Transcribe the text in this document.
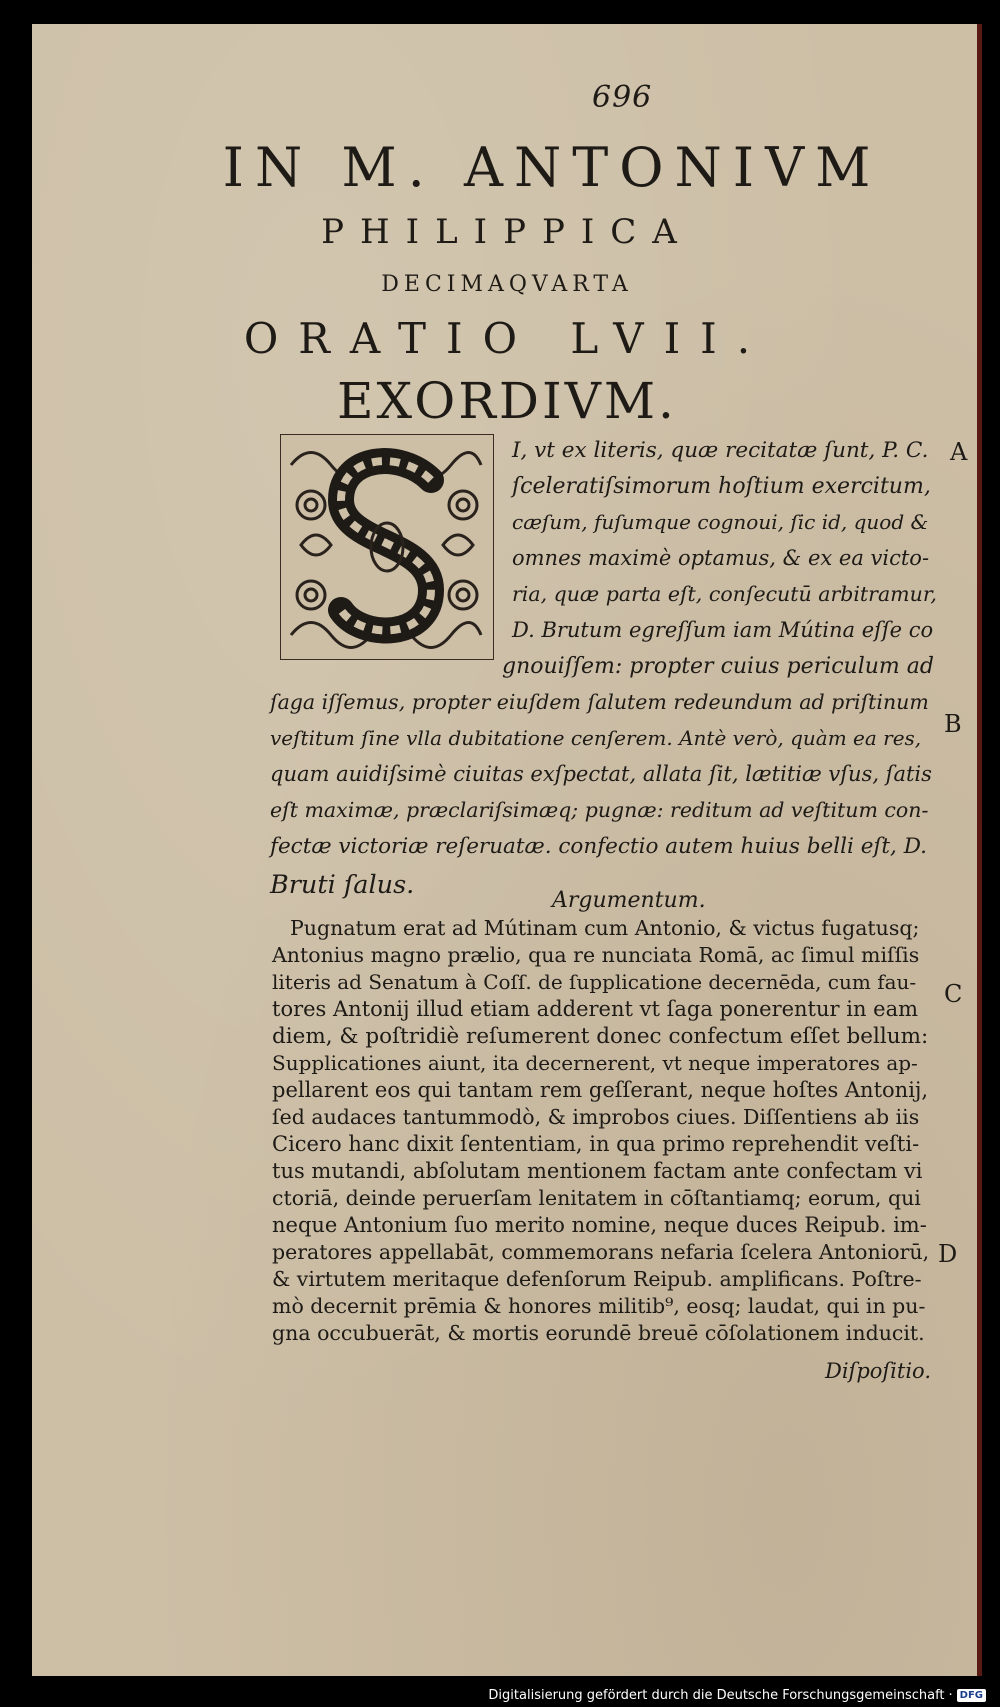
696
IN M. ANTONIVM
PHILIPPICA
DECIMAQVARTA
ORATIO LVII.
EXORDIVM.
I, vt ex literis, quæ recitatæ ſunt, P. C.
ſceleratiſsimorum hoſtium exercitum,
cæſum, fuſumque cognoui, ſic id, quod &
omnes maximè optamus, & ex ea victo-
ria, quæ parta eſt, conſecutū arbitramur,
D. Brutum egreſſum iam Mútina eſſe co
gnouiſſem: propter cuius periculum ad
ſaga iſſemus, propter eiuſdem ſalutem redeundum ad priſtinum
veſtitum ſine vlla dubitatione cenſerem. Antè verò, quàm ea res,
quam auidiſsimè ciuitas exſpectat, allata ſit, lætitiæ vſus, ſatis
eſt maximæ, præclariſsimæq; pugnæ: reditum ad veſtitum con-
fectæ victoriæ reſeruatæ. confectio autem huius belli eſt, D.
Bruti ſalus.
A
B
C
D
Argumentum.
Pugnatum erat ad Mútinam cum Antonio, & victus fugatusq;
Antonius magno prælio, qua re nunciata Romā, ac ſimul miſſis
literis ad Senatum à Coſſ. de ſupplicatione decernēda, cum fau-
tores Antonij illud etiam adderent vt ſaga ponerentur in eam
diem, & poſtridiè reſumerent donec confectum eſſet bellum:
Supplicationes aiunt, ita decernerent, vt neque imperatores ap-
pellarent eos qui tantam rem geſſerant, neque hoſtes Antonij,
ſed audaces tantummodò, & improbos ciues. Diſſentiens ab iis
Cicero hanc dixit ſententiam, in qua primo reprehendit veſti-
tus mutandi, abſolutam mentionem factam ante confectam vi
ctoriā, deinde peruerſam lenitatem in cōſtantiamq; eorum, qui
neque Antonium ſuo merito nomine, neque duces Reipub. im-
peratores appellabāt, commemorans nefaria ſcelera Antoniorū,
& virtutem meritaque defenſorum Reipub. amplificans. Poſtre-
mò decernit prēmia & honores militib⁹, eosq; laudat, qui in pu-
gna occubuerāt, & mortis eorundē breuē cōſolationem inducit.
Diſpoſitio.
Digitalisierung gefördert durch die Deutsche Forschungsgemeinschaft · DFG
